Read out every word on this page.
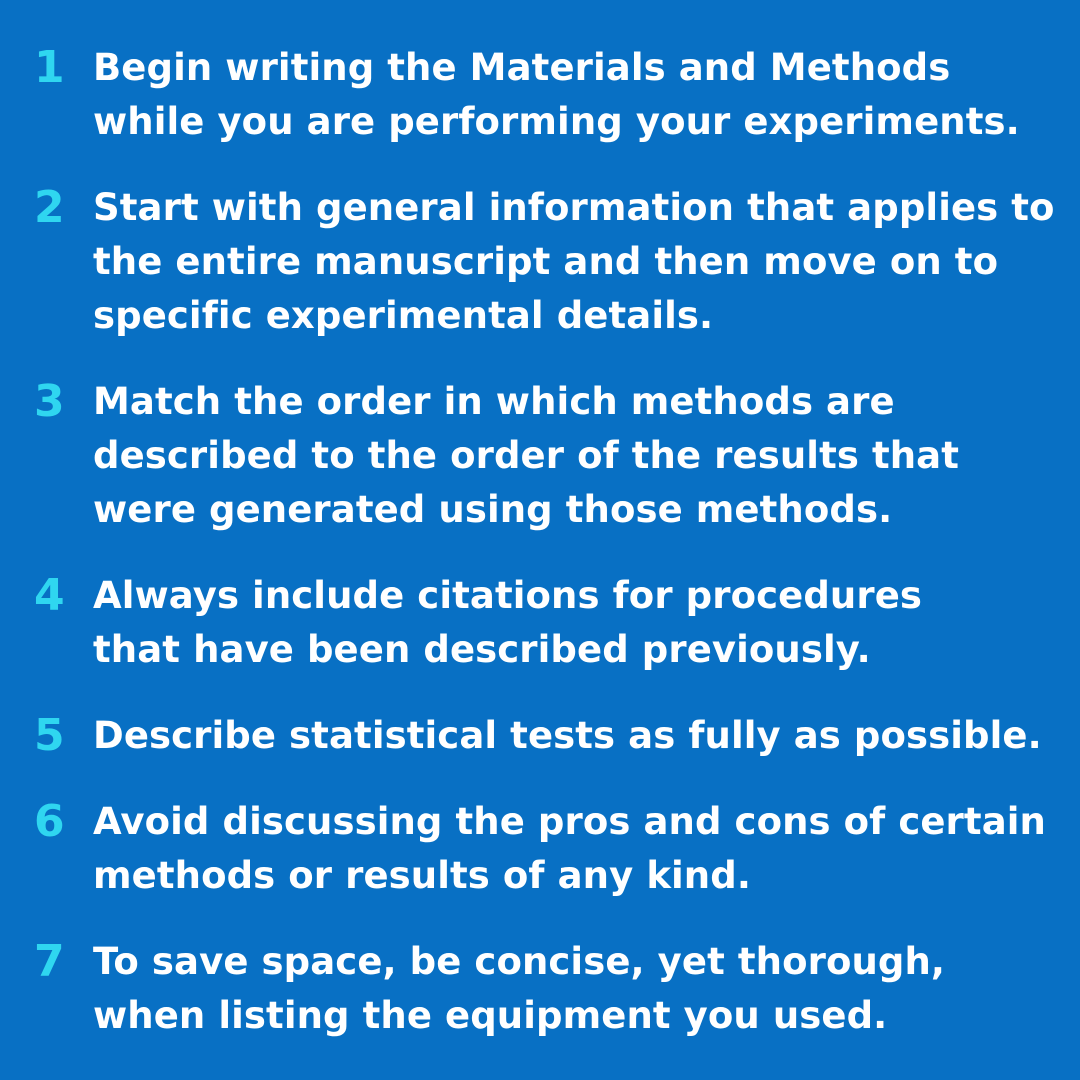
1 Begin writing the Materials and Methods
while you are performing your experiments.
2 Start with general information that applies to
the entire manuscript and then move on to
specific experimental details.
3 Match the order in which methods are
described to the order of the results that
were generated using those methods.
4 Always include citations for procedures
that have been described previously.
5 Describe statistical tests as fully as possible.
6 Avoid discussing the pros and cons of certain
methods or results of any kind.
7 To save space, be concise, yet thorough,
when listing the equipment you used.
